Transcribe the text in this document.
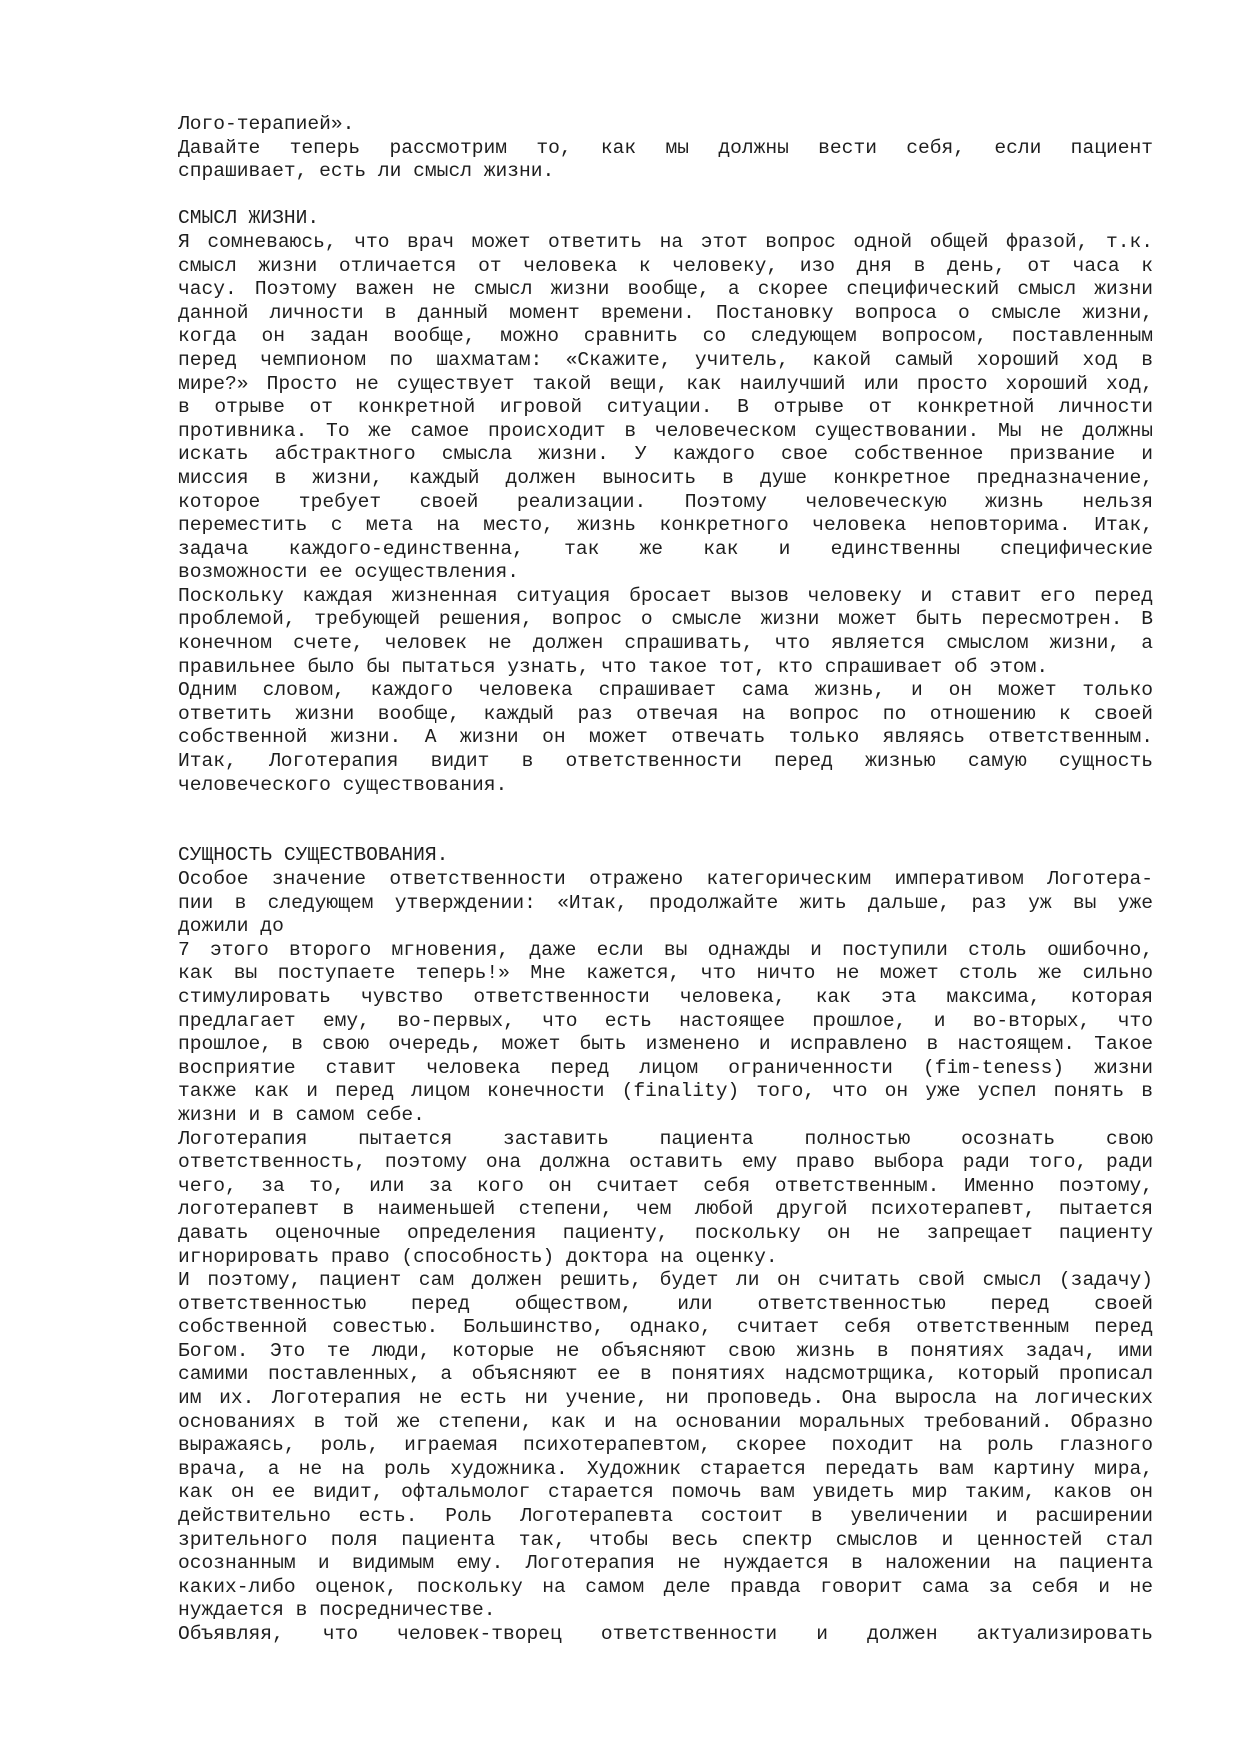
Лого-терапией».
Давайте теперь рассмотрим то, как мы должны вести себя, если пациент
спрашивает, есть ли смысл жизни.
СМЫСЛ ЖИЗНИ.
Я сомневаюсь, что врач может ответить на этот вопрос одной общей фразой, т.к.
смысл жизни отличается от человека к человеку, изо дня в день, от часа к
часу. Поэтому важен не смысл жизни вообще, а скорее специфический смысл жизни
данной личности в данный момент времени. Постановку вопроса о смысле жизни,
когда он задан вообще, можно сравнить со следующем вопросом, поставленным
перед чемпионом по шахматам: «Скажите, учитель, какой самый хороший ход в
мире?» Просто не существует такой вещи, как наилучший или просто хороший ход,
в отрыве от конкретной игровой ситуации. В отрыве от конкретной личности
противника. То же самое происходит в человеческом существовании. Мы не должны
искать абстрактного смысла жизни. У каждого свое собственное призвание и
миссия в жизни, каждый должен выносить в душе конкретное предназначение,
которое требует своей реализации. Поэтому человеческую жизнь нельзя
переместить с мета на место, жизнь конкретного человека неповторима. Итак,
задача каждого-единственна, так же как и единственны специфические
возможности ее осуществления.
Поскольку каждая жизненная ситуация бросает вызов человеку и ставит его перед
проблемой, требующей решения, вопрос о смысле жизни может быть пересмотрен. В
конечном счете, человек не должен спрашивать, что является смыслом жизни, а
правильнее было бы пытаться узнать, что такое тот, кто спрашивает об этом.
Одним словом, каждого человека спрашивает сама жизнь, и он может только
ответить жизни вообще, каждый раз отвечая на вопрос по отношению к своей
собственной жизни. А жизни он может отвечать только являясь ответственным.
Итак, Логотерапия видит в ответственности перед жизнью самую сущность
человеческого существования.
СУЩНОСТЬ СУЩЕСТВОВАНИЯ.
Особое значение ответственности отражено категорическим императивом Логотера-
пии в следующем утверждении: «Итак, продолжайте жить дальше, раз уж вы уже
дожили до
7 этого второго мгновения, даже если вы однажды и поступили столь ошибочно,
как вы поступаете теперь!» Мне кажется, что ничто не может столь же сильно
стимулировать чувство ответственности человека, как эта максима, которая
предлагает ему, во-первых, что есть настоящее прошлое, и во-вторых, что
прошлое, в свою очередь, может быть изменено и исправлено в настоящем. Такое
восприятие ставит человека перед лицом ограниченности (fim-teness) жизни
также как и перед лицом конечности (finality) того, что он уже успел понять в
жизни и в самом себе.
Логотерапия пытается заставить пациента полностью осознать свою
ответственность, поэтому она должна оставить ему право выбора ради того, ради
чего, за то, или за кого он считает себя ответственным. Именно поэтому,
логотерапевт в наименьшей степени, чем любой другой психотерапевт, пытается
давать оценочные определения пациенту, поскольку он не запрещает пациенту
игнорировать право (способность) доктора на оценку.
И поэтому, пациент сам должен решить, будет ли он считать свой смысл (задачу)
ответственностью перед обществом, или ответственностью перед своей
собственной совестью. Большинство, однако, считает себя ответственным перед
Богом. Это те люди, которые не объясняют свою жизнь в понятиях задач, ими
самими поставленных, а объясняют ее в понятиях надсмотрщика, который прописал
им их. Логотерапия не есть ни учение, ни проповедь. Она выросла на логических
основаниях в той же степени, как и на основании моральных требований. Образно
выражаясь, роль, играемая психотерапевтом, скорее походит на роль глазного
врача, а не на роль художника. Художник старается передать вам картину мира,
как он ее видит, офтальмолог старается помочь вам увидеть мир таким, каков он
действительно есть. Роль Логотерапевта состоит в увеличении и расширении
зрительного поля пациента так, чтобы весь спектр смыслов и ценностей стал
осознанным и видимым ему. Логотерапия не нуждается в наложении на пациента
каких-либо оценок, поскольку на самом деле правда говорит сама за себя и не
нуждается в посредничестве.
Объявляя, что человек-творец ответственности и должен актуализировать
